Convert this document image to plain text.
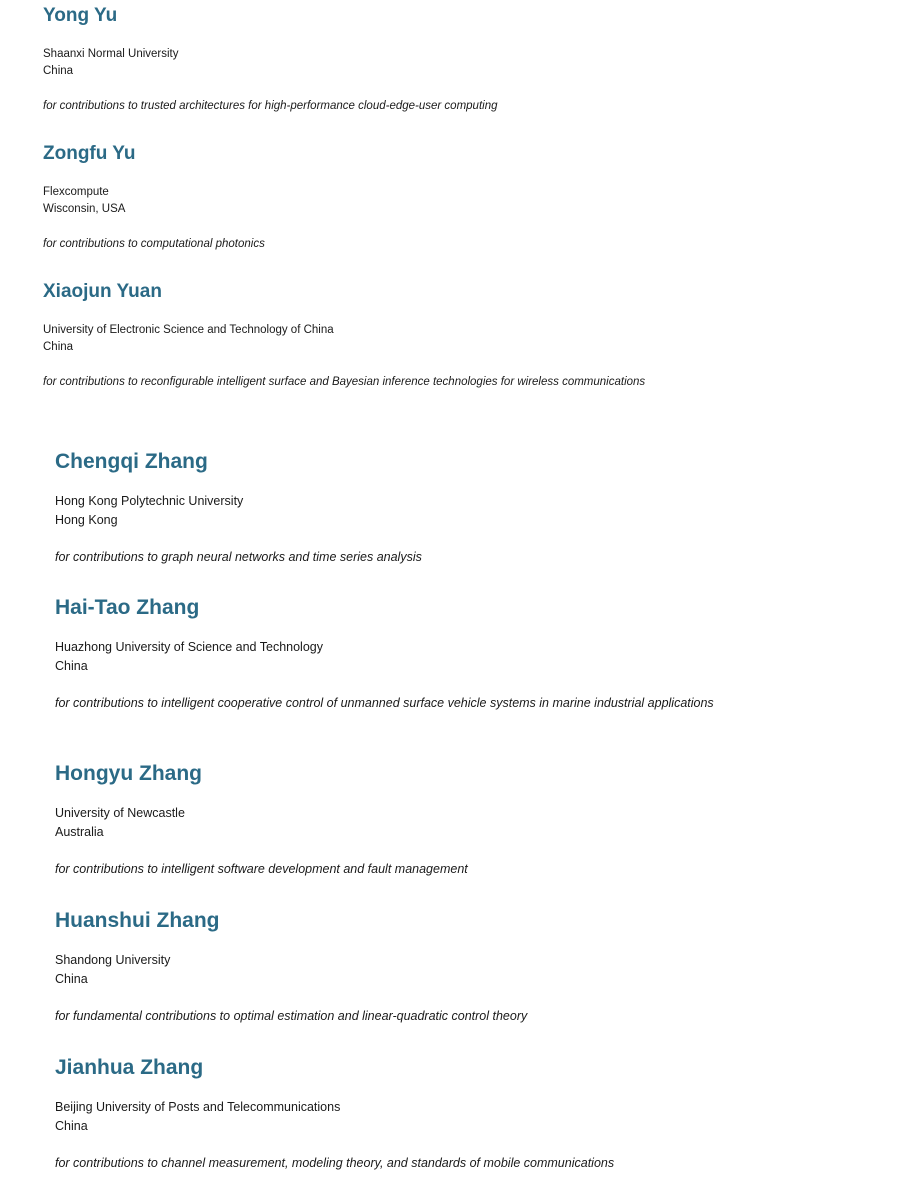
Yong Yu

Shaanxi Normal University

China

for contributions to trusted architectures for high-performance cloud-edge-user computing

Zongfu Yu

Flexcompute

Wisconsin, USA

for contributions to computational photonics

Xiaojun Yuan

University of Electronic Science and Technology of China

China

for contributions to reconfigurable intelligent surface and Bayesian inference technologies for wireless communications

Chengqi Zhang

Hong Kong Polytechnic University

Hong Kong

for contributions to graph neural networks and time series analysis

Hai-Tao Zhang

Huazhong University of Science and Technology

China

for contributions to intelligent cooperative control of unmanned surface vehicle systems in marine industrial applications

Hongyu Zhang

University of Newcastle

Australia

for contributions to intelligent software development and fault management

Huanshui Zhang

Shandong University

China

for fundamental contributions to optimal estimation and linear-quadratic control theory

Jianhua Zhang

Beijing University of Posts and Telecommunications

China

for contributions to channel measurement, modeling theory, and standards of mobile communications
